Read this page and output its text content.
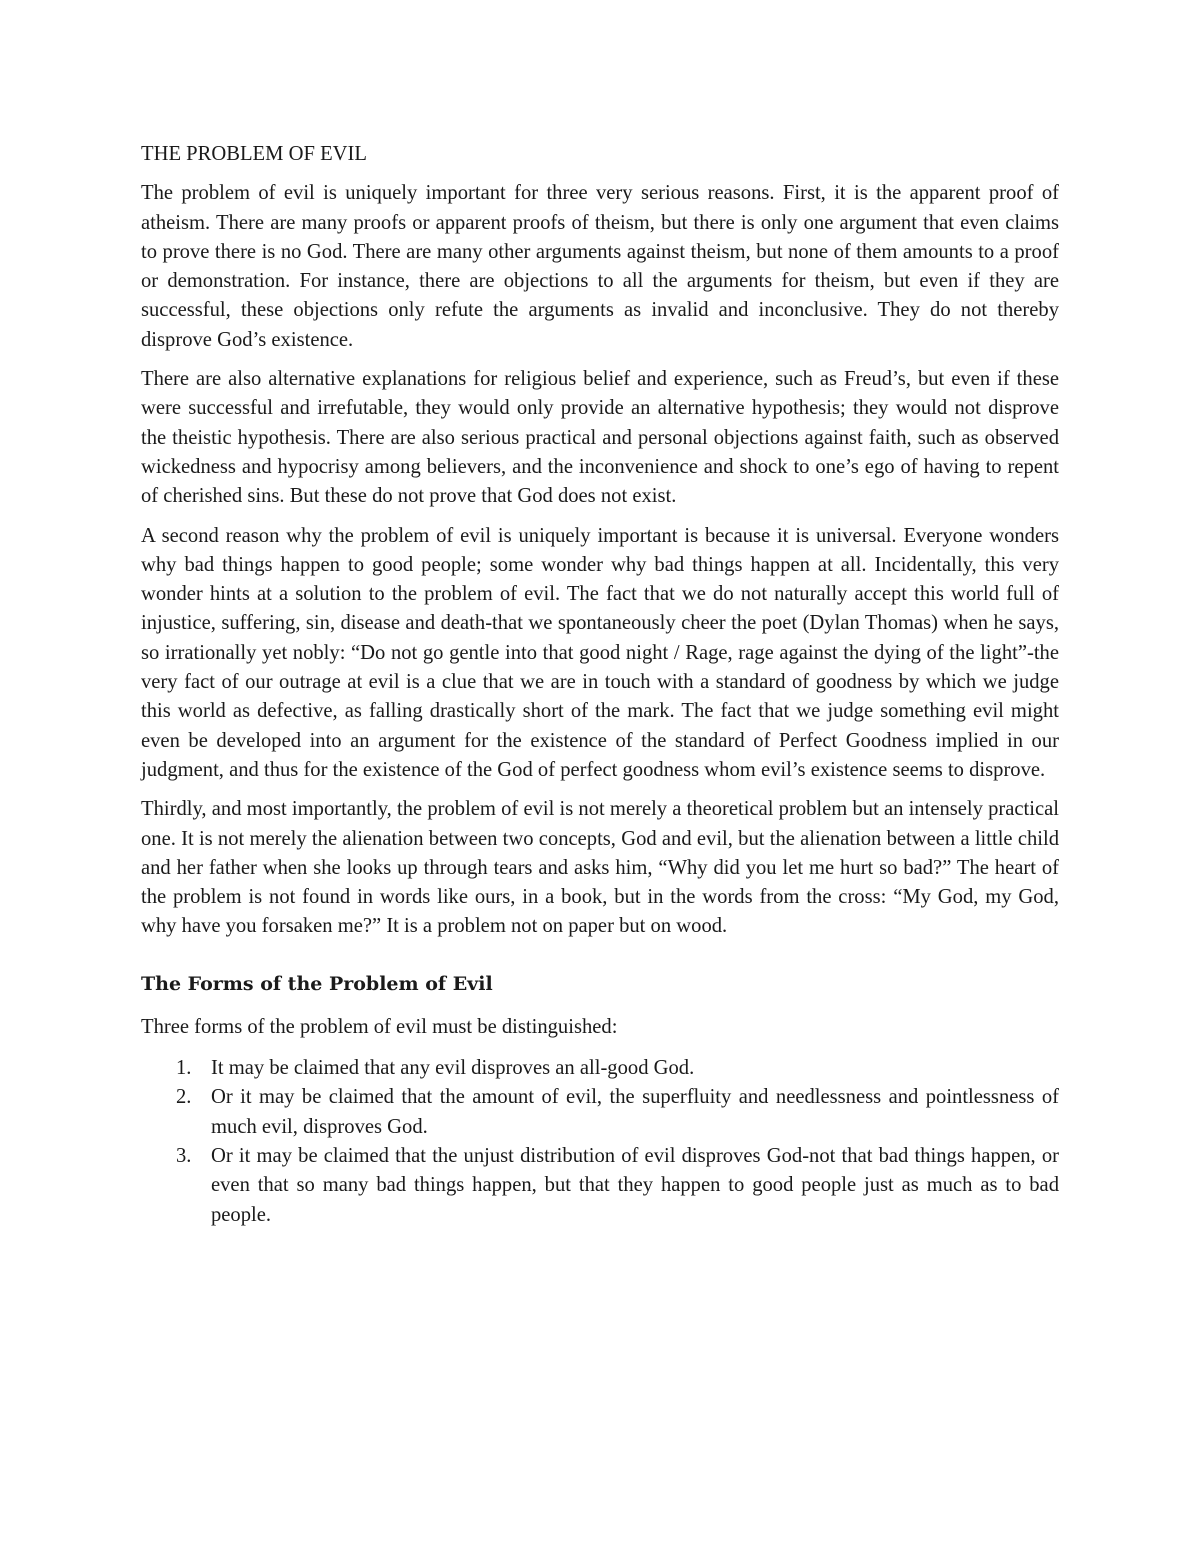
THE PROBLEM OF EVIL

The problem of evil is uniquely important for three very serious reasons. First, it is the apparent proof of atheism. There are many proofs or apparent proofs of theism, but there is only one argument that even claims to prove there is no God. There are many other arguments against theism, but none of them amounts to a proof or demonstration. For instance, there are objections to all the arguments for theism, but even if they are successful, these objections only refute the arguments as invalid and inconclusive. They do not thereby disprove God’s existence.

There are also alternative explanations for religious belief and experience, such as Freud’s, but even if these were successful and irrefutable, they would only provide an alternative hypothesis; they would not disprove the theistic hypothesis. There are also serious practical and personal objections against faith, such as observed wickedness and hypocrisy among believers, and the inconvenience and shock to one’s ego of having to repent of cherished sins. But these do not prove that God does not exist.

A second reason why the problem of evil is uniquely important is because it is universal. Everyone wonders why bad things happen to good people; some wonder why bad things happen at all. Incidentally, this very wonder hints at a solution to the problem of evil. The fact that we do not naturally accept this world full of injustice, suffering, sin, disease and death-that we spontaneously cheer the poet (Dylan Thomas) when he says, so irrationally yet nobly: “Do not go gentle into that good night / Rage, rage against the dying of the light”-the very fact of our outrage at evil is a clue that we are in touch with a standard of goodness by which we judge this world as defective, as falling drastically short of the mark. The fact that we judge something evil might even be developed into an argument for the existence of the standard of Perfect Goodness implied in our judgment, and thus for the existence of the God of perfect goodness whom evil’s existence seems to disprove.

Thirdly, and most importantly, the problem of evil is not merely a theoretical problem but an intensely practical one. It is not merely the alienation between two concepts, God and evil, but the alienation between a little child and her father when she looks up through tears and asks him, “Why did you let me hurt so bad?” The heart of the problem is not found in words like ours, in a book, but in the words from the cross: “My God, my God, why have you forsaken me?” It is a problem not on paper but on wood.

The Forms of the Problem of Evil
Three forms of the problem of evil must be distinguished:
1. It may be claimed that any evil disproves an all-good God.
2. Or it may be claimed that the amount of evil, the superfluity and needlessness and pointlessness of much evil, disproves God.
3. Or it may be claimed that the unjust distribution of evil disproves God-not that bad things happen, or even that so many bad things happen, but that they happen to good people just as much as to bad people.
